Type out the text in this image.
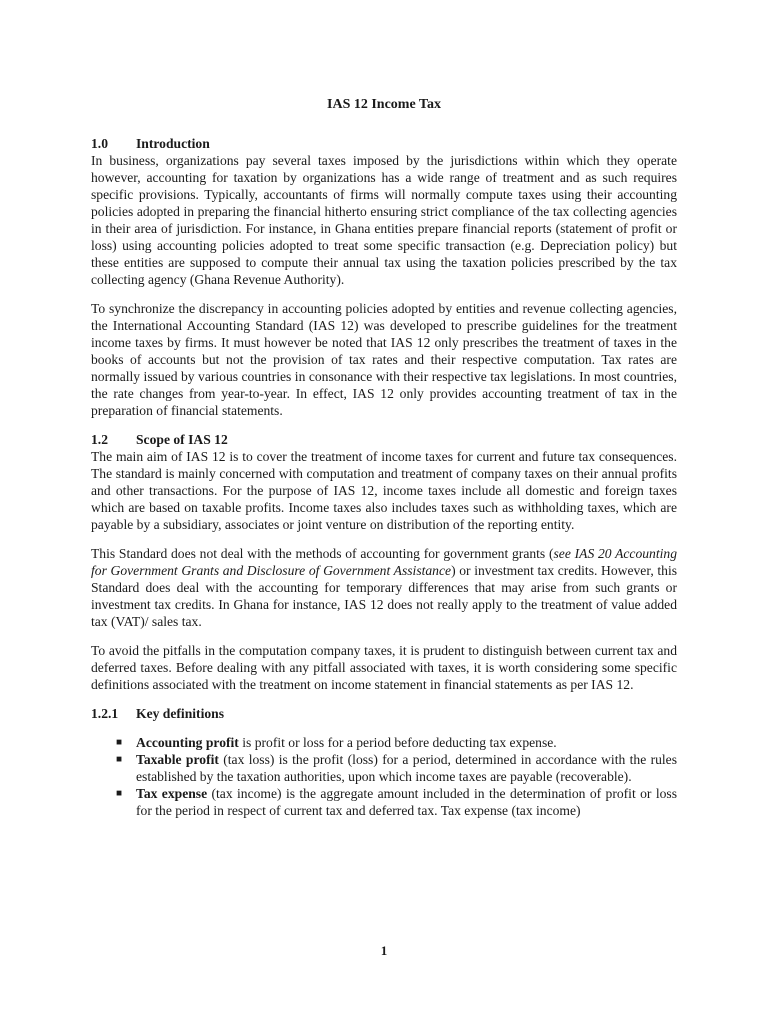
IAS 12 Income Tax
1.0	Introduction

In business, organizations pay several taxes imposed by the jurisdictions within which they operate however, accounting for taxation by organizations has a wide range of treatment and as such requires specific provisions. Typically, accountants of firms will normally compute taxes using their accounting policies adopted in preparing the financial hitherto ensuring strict compliance of the tax collecting agencies in their area of jurisdiction. For instance, in Ghana entities prepare financial reports (statement of profit or loss) using accounting policies adopted to treat some specific transaction (e.g. Depreciation policy) but these entities are supposed to compute their annual tax using the taxation policies prescribed by the tax collecting agency (Ghana Revenue Authority).

To synchronize the discrepancy in accounting policies adopted by entities and revenue collecting agencies, the International Accounting Standard (IAS 12) was developed to prescribe guidelines for the treatment income taxes by firms. It must however be noted that IAS 12 only prescribes the treatment of taxes in the books of accounts but not the provision of tax rates and their respective computation. Tax rates are normally issued by various countries in consonance with their respective tax legislations. In most countries, the rate changes from year-to-year. In effect, IAS 12 only provides accounting treatment of tax in the preparation of financial statements.

1.2	Scope of IAS 12

The main aim of IAS 12 is to cover the treatment of income taxes for current and future tax consequences. The standard is mainly concerned with computation and treatment of company taxes on their annual profits and other transactions. For the purpose of IAS 12, income taxes include all domestic and foreign taxes which are based on taxable profits. Income taxes also includes taxes such as withholding taxes, which are payable by a subsidiary, associates or joint venture on distribution of the reporting entity.

This Standard does not deal with the methods of accounting for government grants (see IAS 20 Accounting for Government Grants and Disclosure of Government Assistance) or investment tax credits. However, this Standard does deal with the accounting for temporary differences that may arise from such grants or investment tax credits. In Ghana for instance, IAS 12 does not really apply to the treatment of value added tax (VAT)/ sales tax.

To avoid the pitfalls in the computation company taxes, it is prudent to distinguish between current tax and deferred taxes. Before dealing with any pitfall associated with taxes, it is worth considering some specific definitions associated with the treatment on income statement in financial statements as per IAS 12.

1.2.1	Key definitions
■ Accounting profit is profit or loss for a period before deducting tax expense.
■ Taxable profit (tax loss) is the profit (loss) for a period, determined in accordance with the rules established by the taxation authorities, upon which income taxes are payable (recoverable).
■ Tax expense (tax income) is the aggregate amount included in the determination of profit or loss for the period in respect of current tax and deferred tax. Tax expense (tax income)
1
